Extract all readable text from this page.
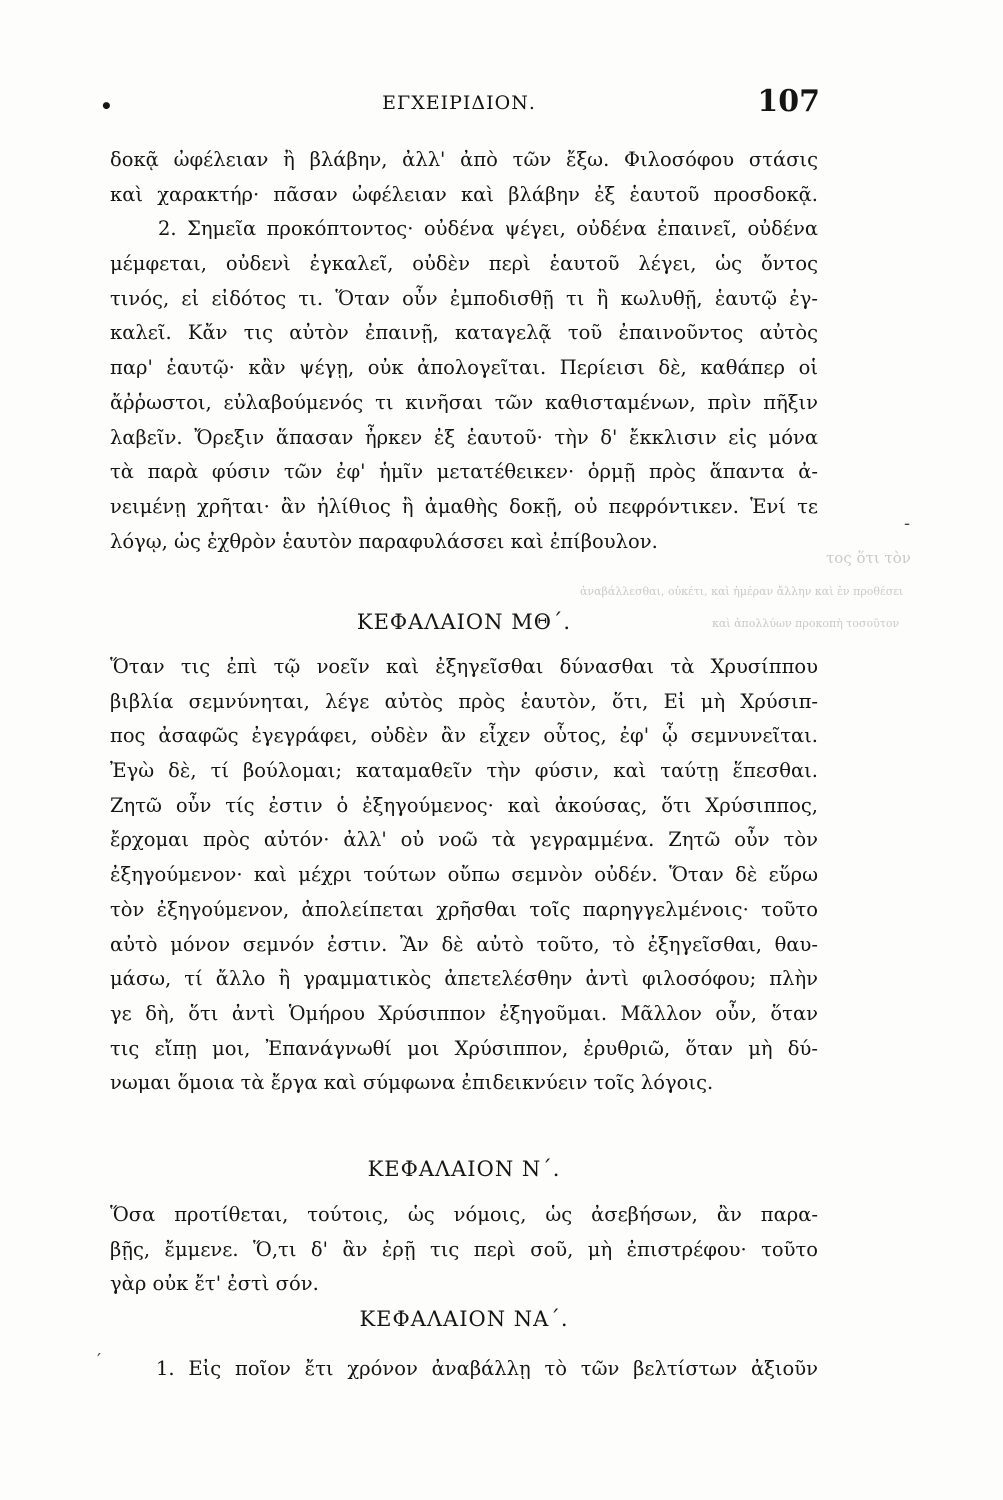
•	ΕΓΧΕΙΡΙΔΙΟΝ.	107
δοκᾷ ὠφέλειαν ἢ βλάβην, ἀλλ' ἀπὸ τῶν ἔξω. Φιλοσόφου στάσις
καὶ χαρακτήρ· πᾶσαν ὠφέλειαν καὶ βλάβην ἐξ ἑαυτοῦ προσδοκᾷ.
2. Σημεῖα προκόπτοντος· οὐδένα ψέγει, οὐδένα ἐπαινεῖ, οὐδένα
μέμφεται, οὐδενὶ ἐγκαλεῖ, οὐδὲν περὶ ἑαυτοῦ λέγει, ὡς ὄντος
τινός, εἰ εἰδότος τι. Ὅταν οὖν ἐμποδισθῇ τι ἢ κωλυθῇ, ἑαυτῷ ἐγ-
καλεῖ. Κἄν τις αὐτὸν ἐπαινῇ, καταγελᾷ τοῦ ἐπαινοῦντος αὐτὸς
παρ' ἑαυτῷ· κἂν ψέγῃ, οὐκ ἀπολογεῖται. Περίεισι δὲ, καθάπερ οἱ
ἄῤῥωστοι, εὐλαβούμενός τι κινῆσαι τῶν καθισταμένων, πρὶν πῆξιν
λαβεῖν. Ὄρεξιν ἅπασαν ἦρκεν ἐξ ἑαυτοῦ· τὴν δ' ἔκκλισιν εἰς μόνα
τὰ παρὰ φύσιν τῶν ἐφ' ἡμῖν μετατέθεικεν· ὁρμῇ πρὸς ἅπαντα ἀ-
νειμένῃ χρῆται· ἂν ἠλίθιος ἢ ἀμαθὴς δοκῇ, οὐ πεφρόντικεν. Ἑνί τε
λόγῳ, ὡς ἐχθρὸν ἑαυτὸν παραφυλάσσει καὶ ἐπίβουλον.
ΚΕΦΑΛΑΙΟΝ ΜΘ΄.
Ὅταν τις ἐπὶ τῷ νοεῖν καὶ ἐξηγεῖσθαι δύνασθαι τὰ Χρυσίππου
βιβλία σεμνύνηται, λέγε αὐτὸς πρὸς ἑαυτὸν, ὅτι, Εἰ μὴ Χρύσιπ-
πος ἀσαφῶς ἐγεγράφει, οὐδὲν ἂν εἶχεν οὗτος, ἐφ' ᾧ σεμνυνεῖται.
Ἐγὼ δὲ, τί βούλομαι; καταμαθεῖν τὴν φύσιν, καὶ ταύτῃ ἕπεσθαι.
Ζητῶ οὖν τίς ἐστιν ὁ ἐξηγούμενος· καὶ ἀκούσας, ὅτι Χρύσιππος,
ἔρχομαι πρὸς αὐτόν· ἀλλ' οὐ νοῶ τὰ γεγραμμένα. Ζητῶ οὖν τὸν
ἐξηγούμενον· καὶ μέχρι τούτων οὔπω σεμνὸν οὐδέν. Ὅταν δὲ εὕρω
τὸν ἐξηγούμενον, ἀπολείπεται χρῆσθαι τοῖς παρηγγελμένοις· τοῦτο
αὐτὸ μόνον σεμνόν ἐστιν. Ἂν δὲ αὐτὸ τοῦτο, τὸ ἐξηγεῖσθαι, θαυ-
μάσω, τί ἄλλο ἢ γραμματικὸς ἀπετελέσθην ἀντὶ φιλοσόφου; πλὴν
γε δὴ, ὅτι ἀντὶ Ὁμήρου Χρύσιππον ἐξηγοῦμαι. Μᾶλλον οὖν, ὅταν
τις εἴπῃ μοι, Ἐπανάγνωθί μοι Χρύσιππον, ἐρυθριῶ, ὅταν μὴ δύ-
νωμαι ὅμοια τὰ ἔργα καὶ σύμφωνα ἐπιδεικνύειν τοῖς λόγοις.
ΚΕΦΑΛΑΙΟΝ Ν΄.
Ὅσα προτίθεται, τούτοις, ὡς νόμοις, ὡς ἀσεβήσων, ἂν παρα-
βῇς, ἔμμενε. Ὅ,τι δ' ἂν ἐρῇ τις περὶ σοῦ, μὴ ἐπιστρέφου· τοῦτο
γὰρ οὐκ ἔτ' ἐστὶ σόν.
ΚΕΦΑΛΑΙΟΝ ΝΑ΄.
1. Εἰς ποῖον ἔτι χρόνον ἀναβάλλῃ τὸ τῶν βελτίστων ἀξιοῦν
-
′
τος ὅτι τὸν
ἀναβάλλεσθαι, οὐκέτι, καὶ ἡμέραν ἄλλην καὶ ἐν προθέσει
καὶ ἀπολλύων προκοπὴ τοσοῦτον
